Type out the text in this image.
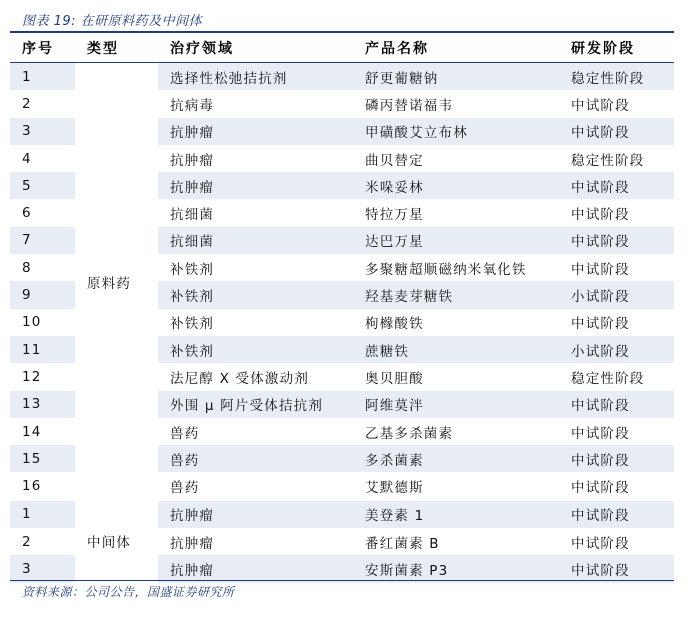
图表 19: 在研原料药及中间体
序号	类型	治疗领域	产品名称	研发阶段
1	原料药	选择性松弛拮抗剂	舒更葡糖钠	稳定性阶段
2		抗病毒	磷丙替诺福韦	中试阶段
3		抗肿瘤	甲磺酸艾立布林	中试阶段
4		抗肿瘤	曲贝替定	稳定性阶段
5		抗肿瘤	米哚妥林	中试阶段
6		抗细菌	特拉万星	中试阶段
7		抗细菌	达巴万星	中试阶段
8		补铁剂	多聚糖超顺磁纳米氧化铁	中试阶段
9		补铁剂	羟基麦芽糖铁	小试阶段
10		补铁剂	枸橼酸铁	中试阶段
11		补铁剂	蔗糖铁	小试阶段
12		法尼醇 X 受体激动剂	奥贝胆酸	稳定性阶段
13		外围 μ 阿片受体拮抗剂	阿维莫泮	中试阶段
14		兽药	乙基多杀菌素	中试阶段
15		兽药	多杀菌素	中试阶段
16		兽药	艾默德斯	中试阶段
1	中间体	抗肿瘤	美登素 1	中试阶段
2		抗肿瘤	番红菌素 B	中试阶段
3		抗肿瘤	安斯菌素 P3	中试阶段
资料来源：公司公告，国盛证券研究所
